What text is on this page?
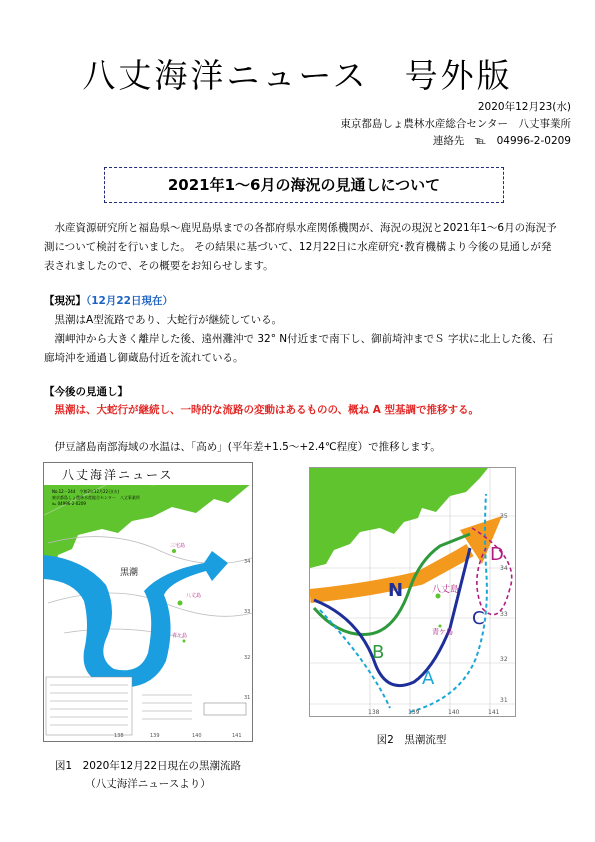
八丈海洋ニュース　号外版
2020年12月23(水)
東京都島しょ農林水産総合センター　八丈事業所
連絡先　℡　04996-2-0209
2021年1～6月の海況の見通しについて
水産資源研究所と福島県～鹿児島県までの各都府県水産関係機関が、海況の現況と2021年1～6月の海況予測について検討を行いました。 その結果に基づいて、12月22日に水産研究･教育機構より今後の見通しが発表されましたので、その概要をお知らせします。
【現況】（12月22日現在）
黒潮はA型流路であり、大蛇行が継続している。
潮岬沖から大きく離岸した後、遠州灘沖で 32° N付近まで南下し、御前埼沖までＳ 字状に北上した後、石廊埼沖を通過し御蔵島付近を流れている。
【今後の見通し】
黒潮は、大蛇行が継続し、一時的な流路の変動はあるものの、概ね A 型基調で推移する。
伊豆諸島南部海域の水温は、「高め」(平年差+1.5～+2.4℃程度）で推移します。
八丈海洋ニュース
No.12－244　令和2年12月22日(火)
東京都島しょ農林水産総合センター　八丈事業所
℡ 04996-2-0209
黒潮
三宅島
八丈島
青ケ島
138	139	140	141
34
33
32
31
図1　2020年12月22日現在の黒潮流路
（八丈海洋ニュースより）
八丈島
青ケ島
N
A
B
C
D
138	139	140	141
35
34
33
32
31
図2　黒潮流型
